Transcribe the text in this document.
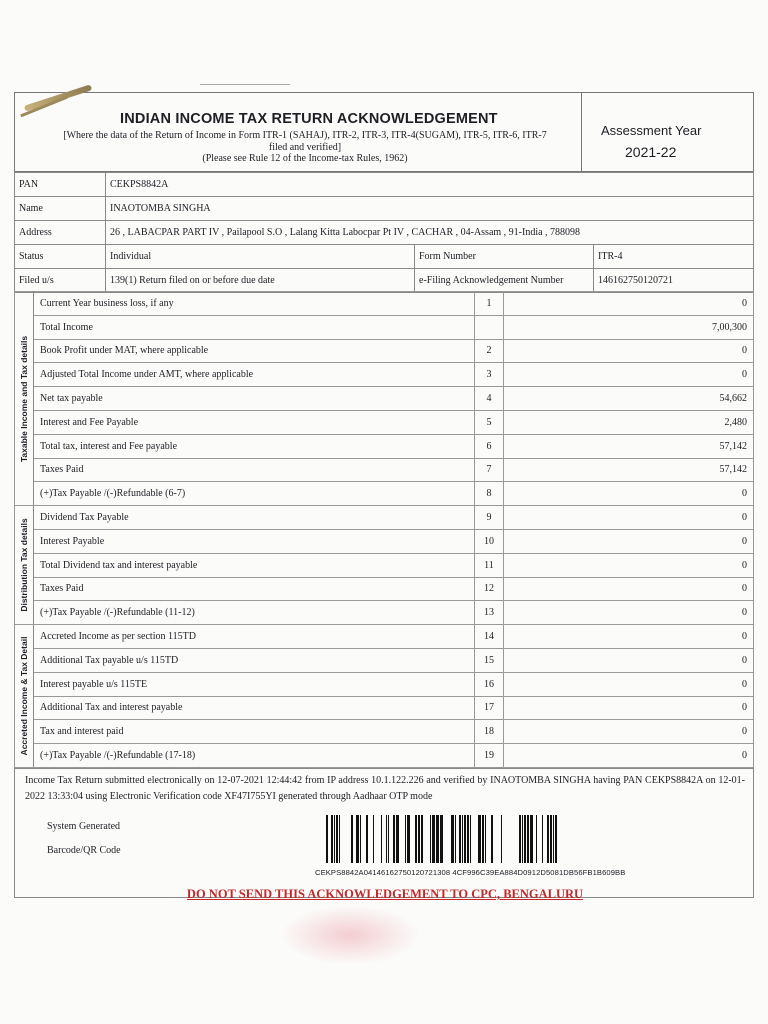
INDIAN INCOME TAX RETURN ACKNOWLEDGEMENT
[Where the data of the Return of Income in Form ITR-1 (SAHAJ), ITR-2, ITR-3, ITR-4(SUGAM), ITR-5, ITR-6, ITR-7
filed and verified]
(Please see Rule 12 of the Income-tax Rules, 1962)
Assessment Year
2021-22
PAN	CEKPS8842A		
Name	INAOTOMBA SINGHA		
Address	26 , LABACPAR PART IV , Pailapool S.O , Lalang Kitta Labocpar Pt IV , CACHAR , 04-Assam , 91-India , 788098		
Status	Individual	Form Number	ITR-4
Filed u/s	139(1) Return filed on or before due date	e-Filing Acknowledgement Number	146162750120721
Taxable Income and Tax details	Current Year business loss, if any	1	0
	Total Income		7,00,300
	Book Profit under MAT, where applicable	2	0
	Adjusted Total Income under AMT, where applicable	3	0
	Net tax payable	4	54,662
	Interest and Fee Payable	5	2,480
	Total tax, interest and Fee payable	6	57,142
	Taxes Paid	7	57,142
	(+)Tax Payable /(-)Refundable (6-7)	8	0

Distribution Tax details	Dividend Tax Payable	9	0
	Interest Payable	10	0
	Total Dividend tax and interest payable	11	0
	Taxes Paid	12	0
	(+)Tax Payable /(-)Refundable (11-12)	13	0

Accreted Income & Tax Detail	Accreted Income as per section 115TD	14	0
	Additional Tax payable u/s 115TD	15	0
	Interest payable u/s 115TE	16	0
	Additional Tax and interest payable	17	0
	Tax and interest paid	18	0
	(+)Tax Payable /(-)Refundable (17-18)	19	0
Income Tax Return submitted electronically on 12-07-2021 12:44:42 from IP address 10.1.122.226 and verified by INAOTOMBA SINGHA having PAN CEKPS8842A on 12-01-2022 13:33:04 using Electronic Verification code XF47I755YI generated through Aadhaar OTP mode
System Generated
Barcode/QR Code
CEKPS8842A04146162750120721308 4CF996C39EA884D0912D5081DB56FB1B609BB
DO NOT SEND THIS ACKNOWLEDGEMENT TO CPC, BENGALURU
